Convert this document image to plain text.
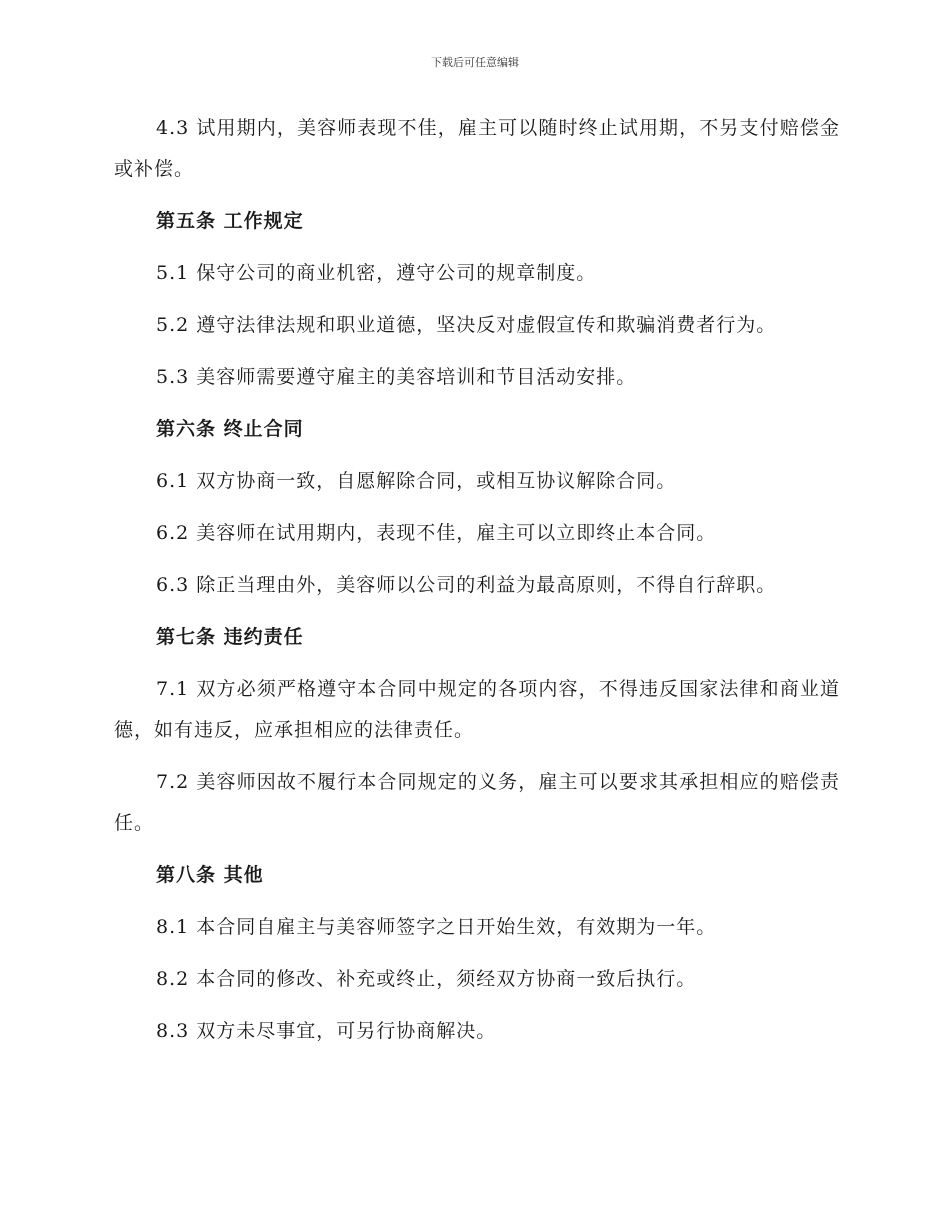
下载后可任意编辑

4.3 试用期内，美容师表现不佳，雇主可以随时终止试用期，不另支付赔偿金或补偿。

第五条 工作规定

5.1 保守公司的商业机密，遵守公司的规章制度。

5.2 遵守法律法规和职业道德，坚决反对虚假宣传和欺骗消费者行为。

5.3 美容师需要遵守雇主的美容培训和节目活动安排。

第六条 终止合同

6.1 双方协商一致，自愿解除合同，或相互协议解除合同。

6.2 美容师在试用期内，表现不佳，雇主可以立即终止本合同。

6.3 除正当理由外，美容师以公司的利益为最高原则，不得自行辞职。

第七条 违约责任

7.1 双方必须严格遵守本合同中规定的各项内容，不得违反国家法律和商业道德，如有违反，应承担相应的法律责任。

7.2 美容师因故不履行本合同规定的义务，雇主可以要求其承担相应的赔偿责任。

第八条 其他

8.1 本合同自雇主与美容师签字之日开始生效，有效期为一年。

8.2 本合同的修改、补充或终止，须经双方协商一致后执行。

8.3 双方未尽事宜，可另行协商解决。
